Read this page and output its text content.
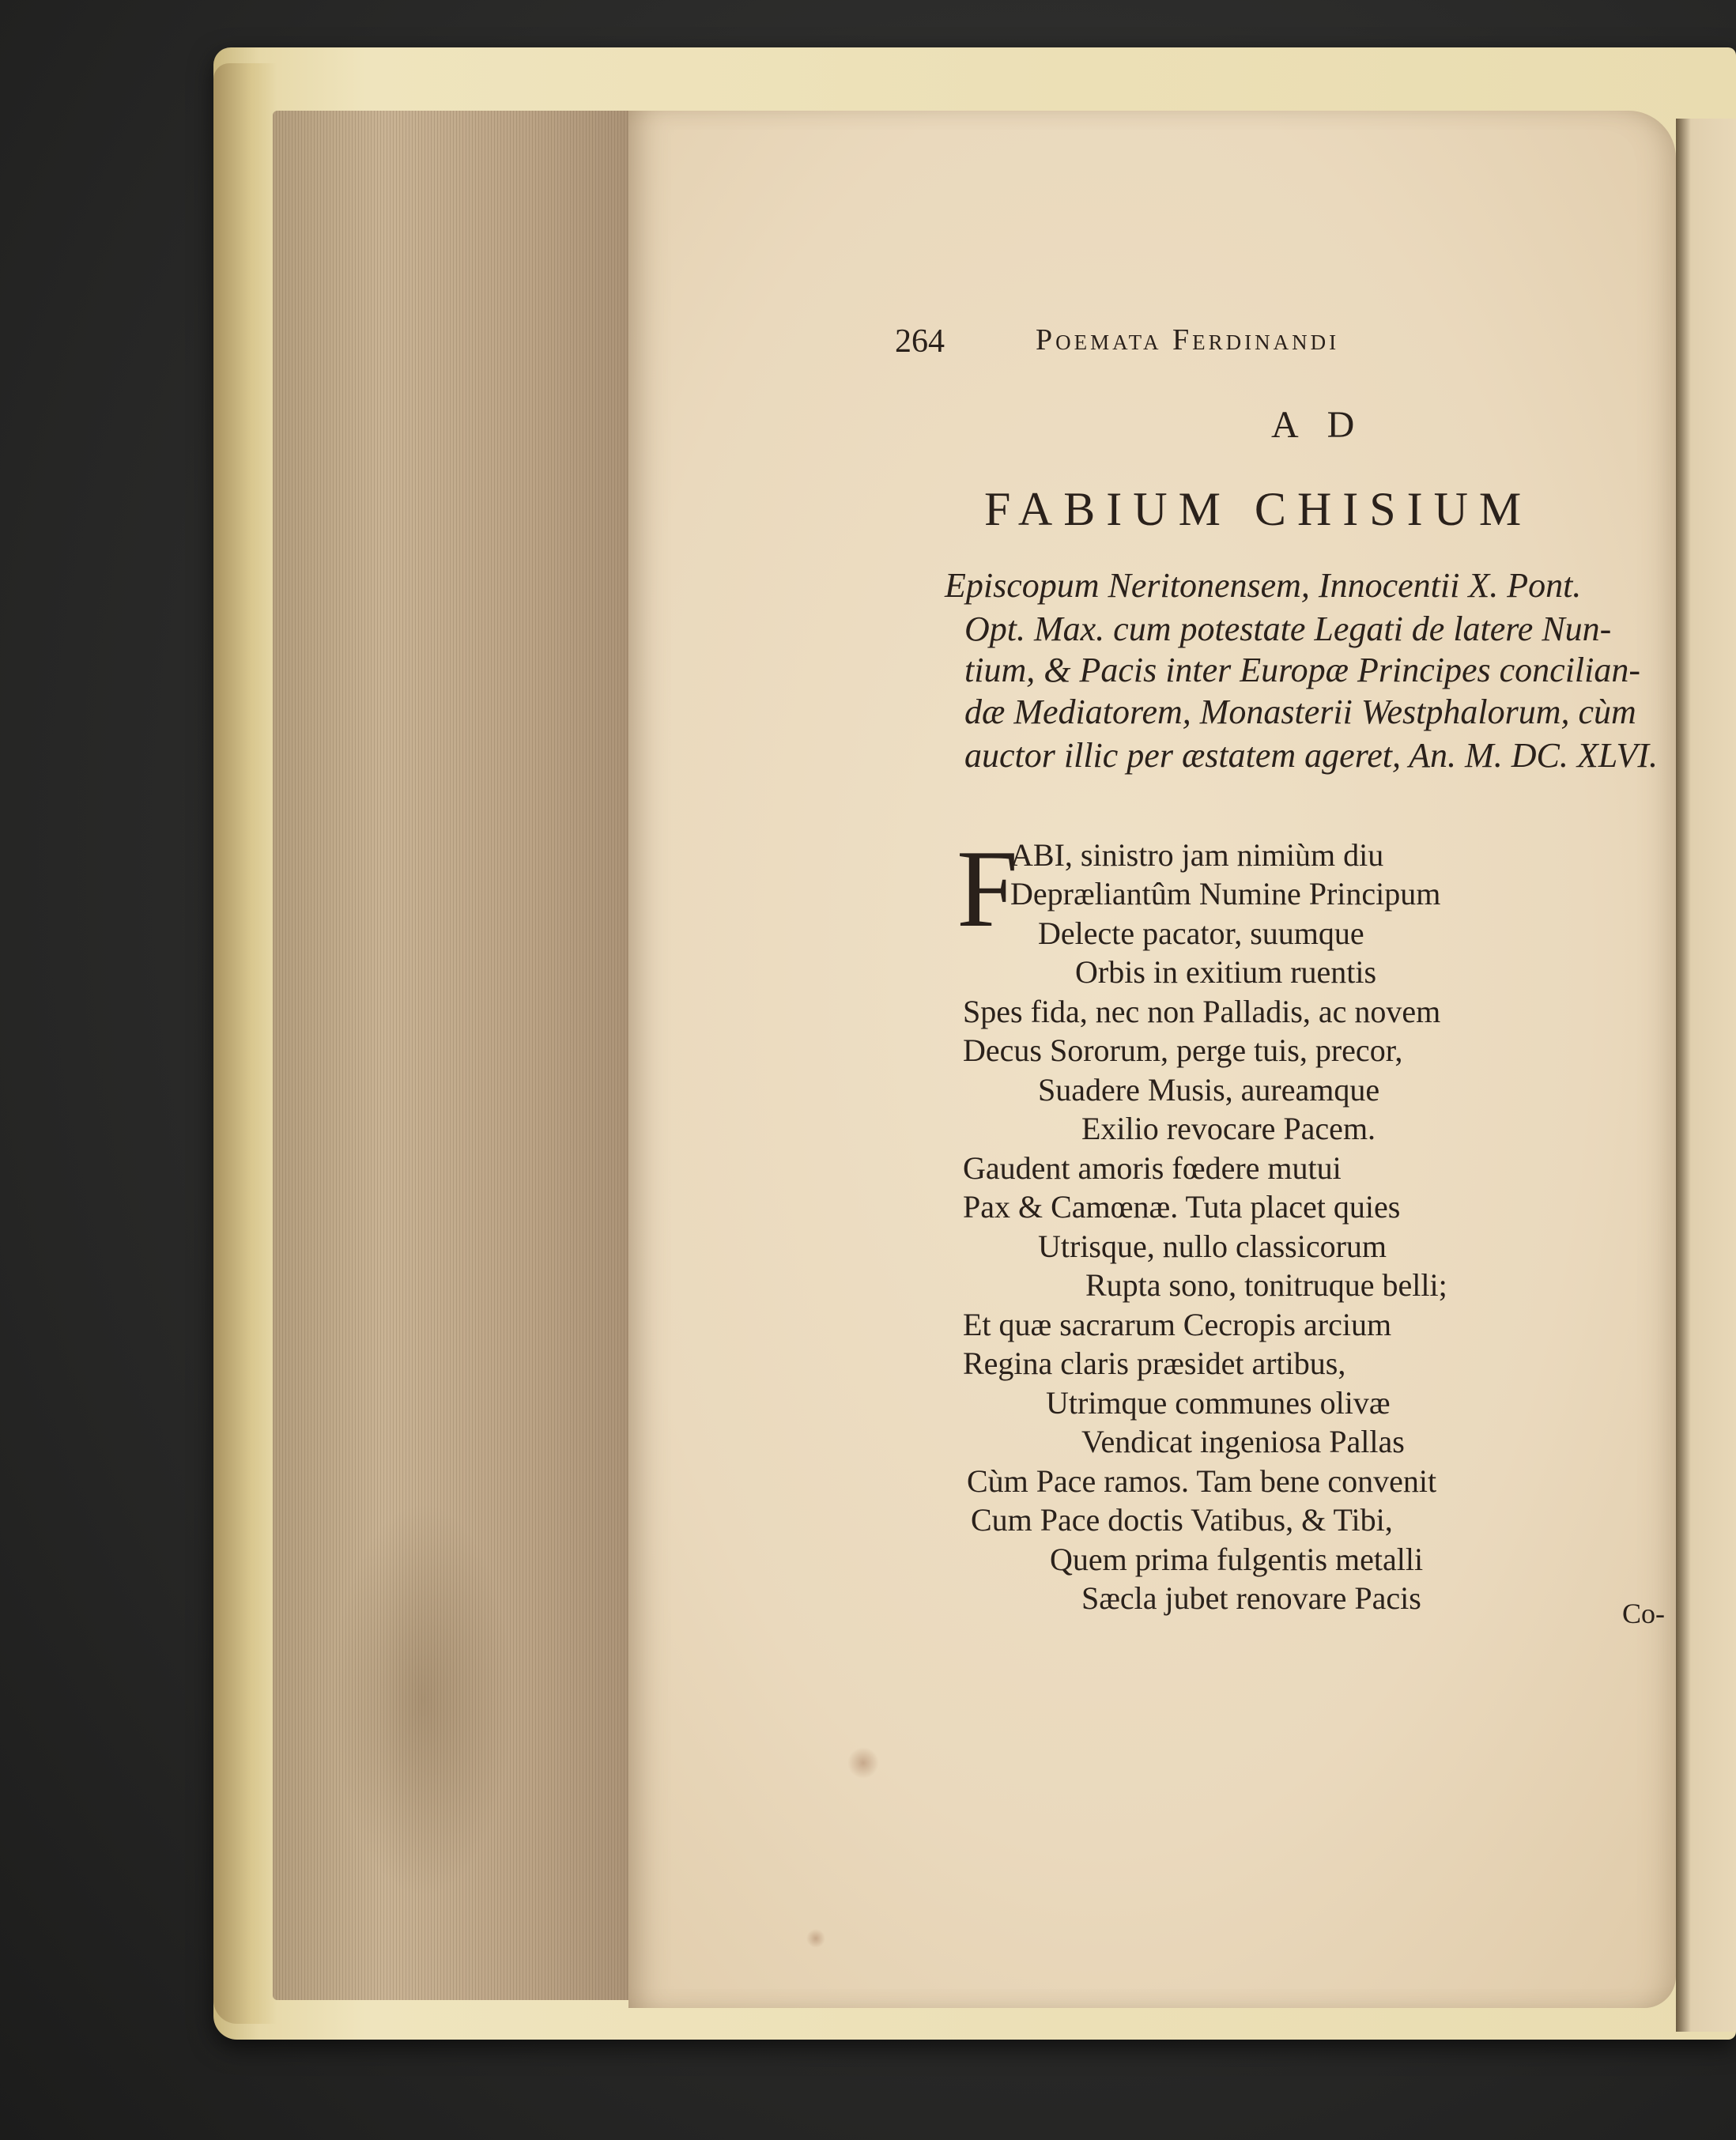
264	Poemata Ferdinandi
AD
FABIUM CHISIUM
Episcopum Neritonensem, Innocentii X. Pont.
Opt. Max. cum potestate Legati de latere Nun-
tium, & Pacis inter Europæ Principes concilian-
dæ Mediatorem, Monasterii Westphalorum, cùm
auctor illic per æstatem ageret, An. M. DC. XLVI.
F
ABI, sinistro jam nimiùm diu
Depræliantûm Numine Principum
Delecte pacator, suumque
Orbis in exitium ruentis
Spes fida, nec non Palladis, ac novem
Decus Sororum, perge tuis, precor,
Suadere Musis, aureamque
Exilio revocare Pacem.
Gaudent amoris fœdere mutui
Pax & Camœnæ. Tuta placet quies
Utrisque, nullo classicorum
Rupta sono, tonitruque belli;
Et quæ sacrarum Cecropis arcium
Regina claris præsidet artibus,
Utrimque communes olivæ
Vendicat ingeniosa Pallas
Cùm Pace ramos. Tam bene convenit
Cum Pace doctis Vatibus, & Tibi,
Quem prima fulgentis metalli
Sæcla jubet renovare Pacis	Co-
